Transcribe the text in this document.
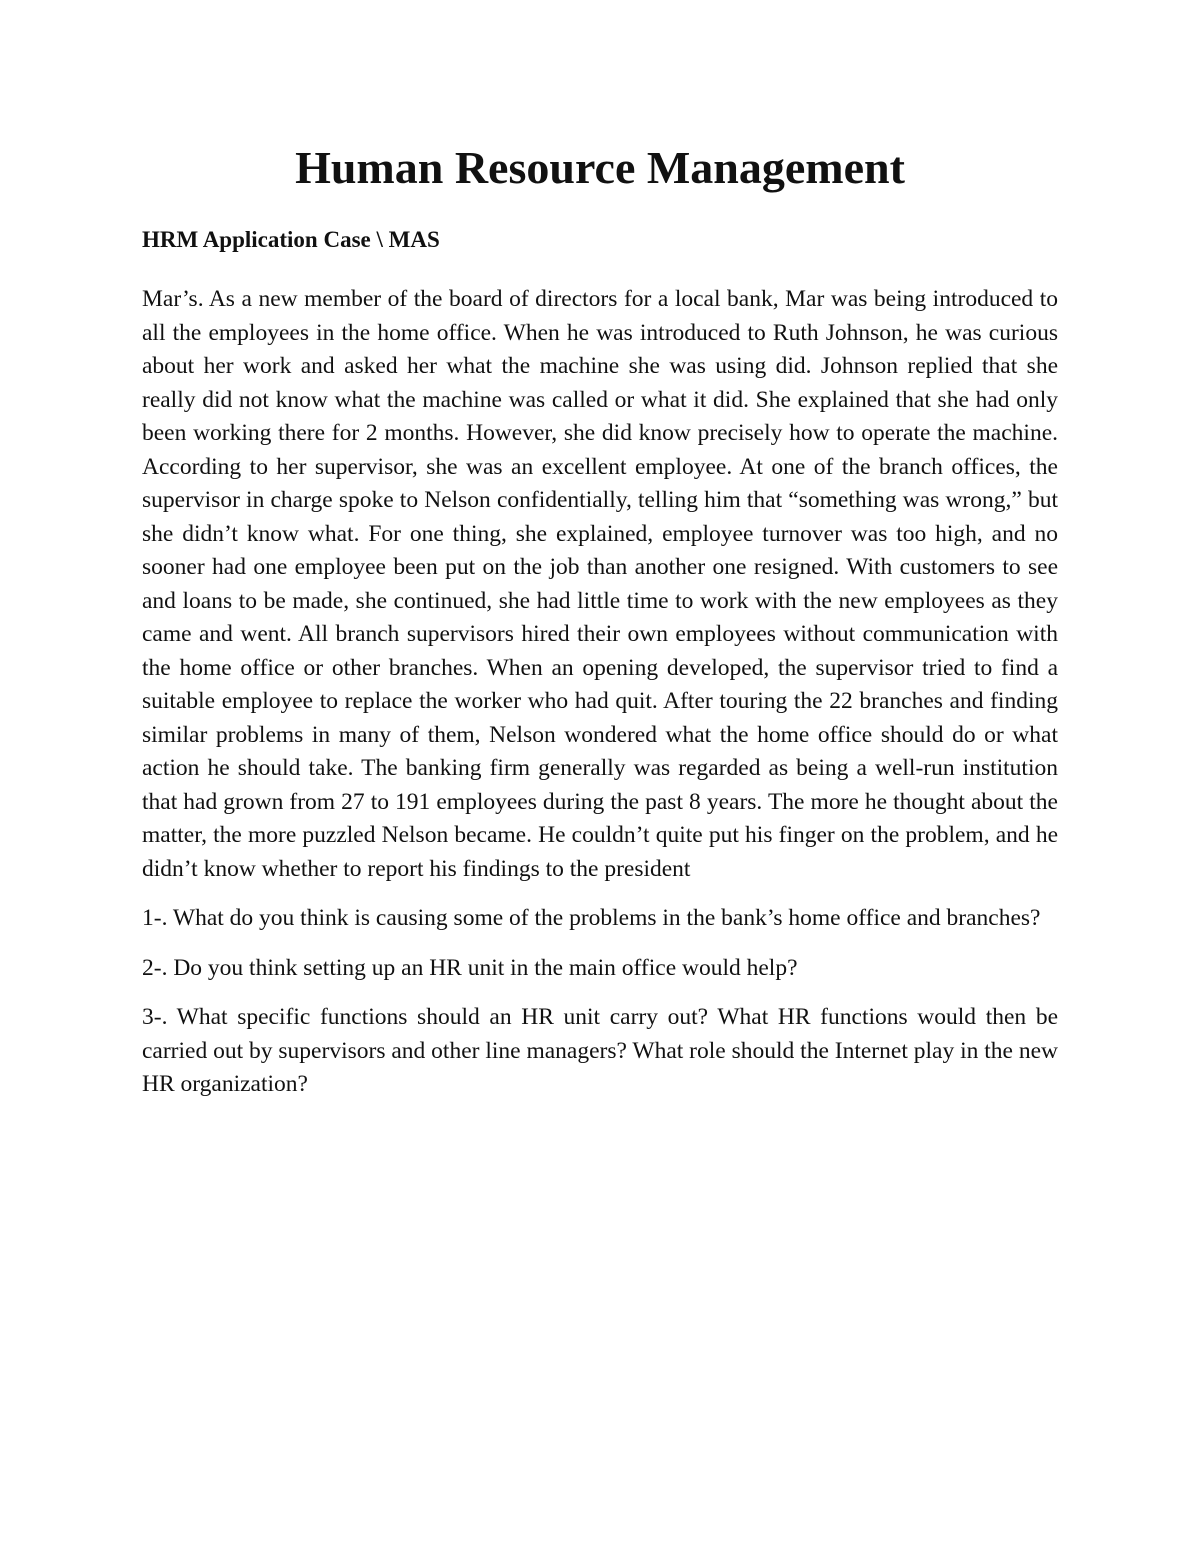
Human Resource Management
HRM Application Case \ MAS

Mar’s. As a new member of the board of directors for a local bank, Mar was being introduced to all the employees in the home office. When he was introduced to Ruth Johnson, he was curious about her work and asked her what the machine she was using did. Johnson replied that she really did not know what the machine was called or what it did. She explained that she had only been working there for 2 months. However, she did know precisely how to operate the machine. According to her supervisor, she was an excellent employee. At one of the branch offices, the supervisor in charge spoke to Nelson confidentially, telling him that “something was wrong,” but she didn’t know what. For one thing, she explained, employee turnover was too high, and no sooner had one employee been put on the job than another one resigned. With customers to see and loans to be made, she continued, she had little time to work with the new employees as they came and went. All branch supervisors hired their own employees without communication with the home office or other branches. When an opening developed, the supervisor tried to find a suitable employee to replace the worker who had quit. After touring the 22 branches and finding similar problems in many of them, Nelson wondered what the home office should do or what action he should take. The banking firm generally was regarded as being a well-run institution that had grown from 27 to 191 employees during the past 8 years. The more he thought about the matter, the more puzzled Nelson became. He couldn’t quite put his finger on the problem, and he didn’t know whether to report his findings to the president

1-. What do you think is causing some of the problems in the bank’s home office and branches?

2-. Do you think setting up an HR unit in the main office would help?

3-. What specific functions should an HR unit carry out? What HR functions would then be carried out by supervisors and other line managers? What role should the Internet play in the new HR organization?
